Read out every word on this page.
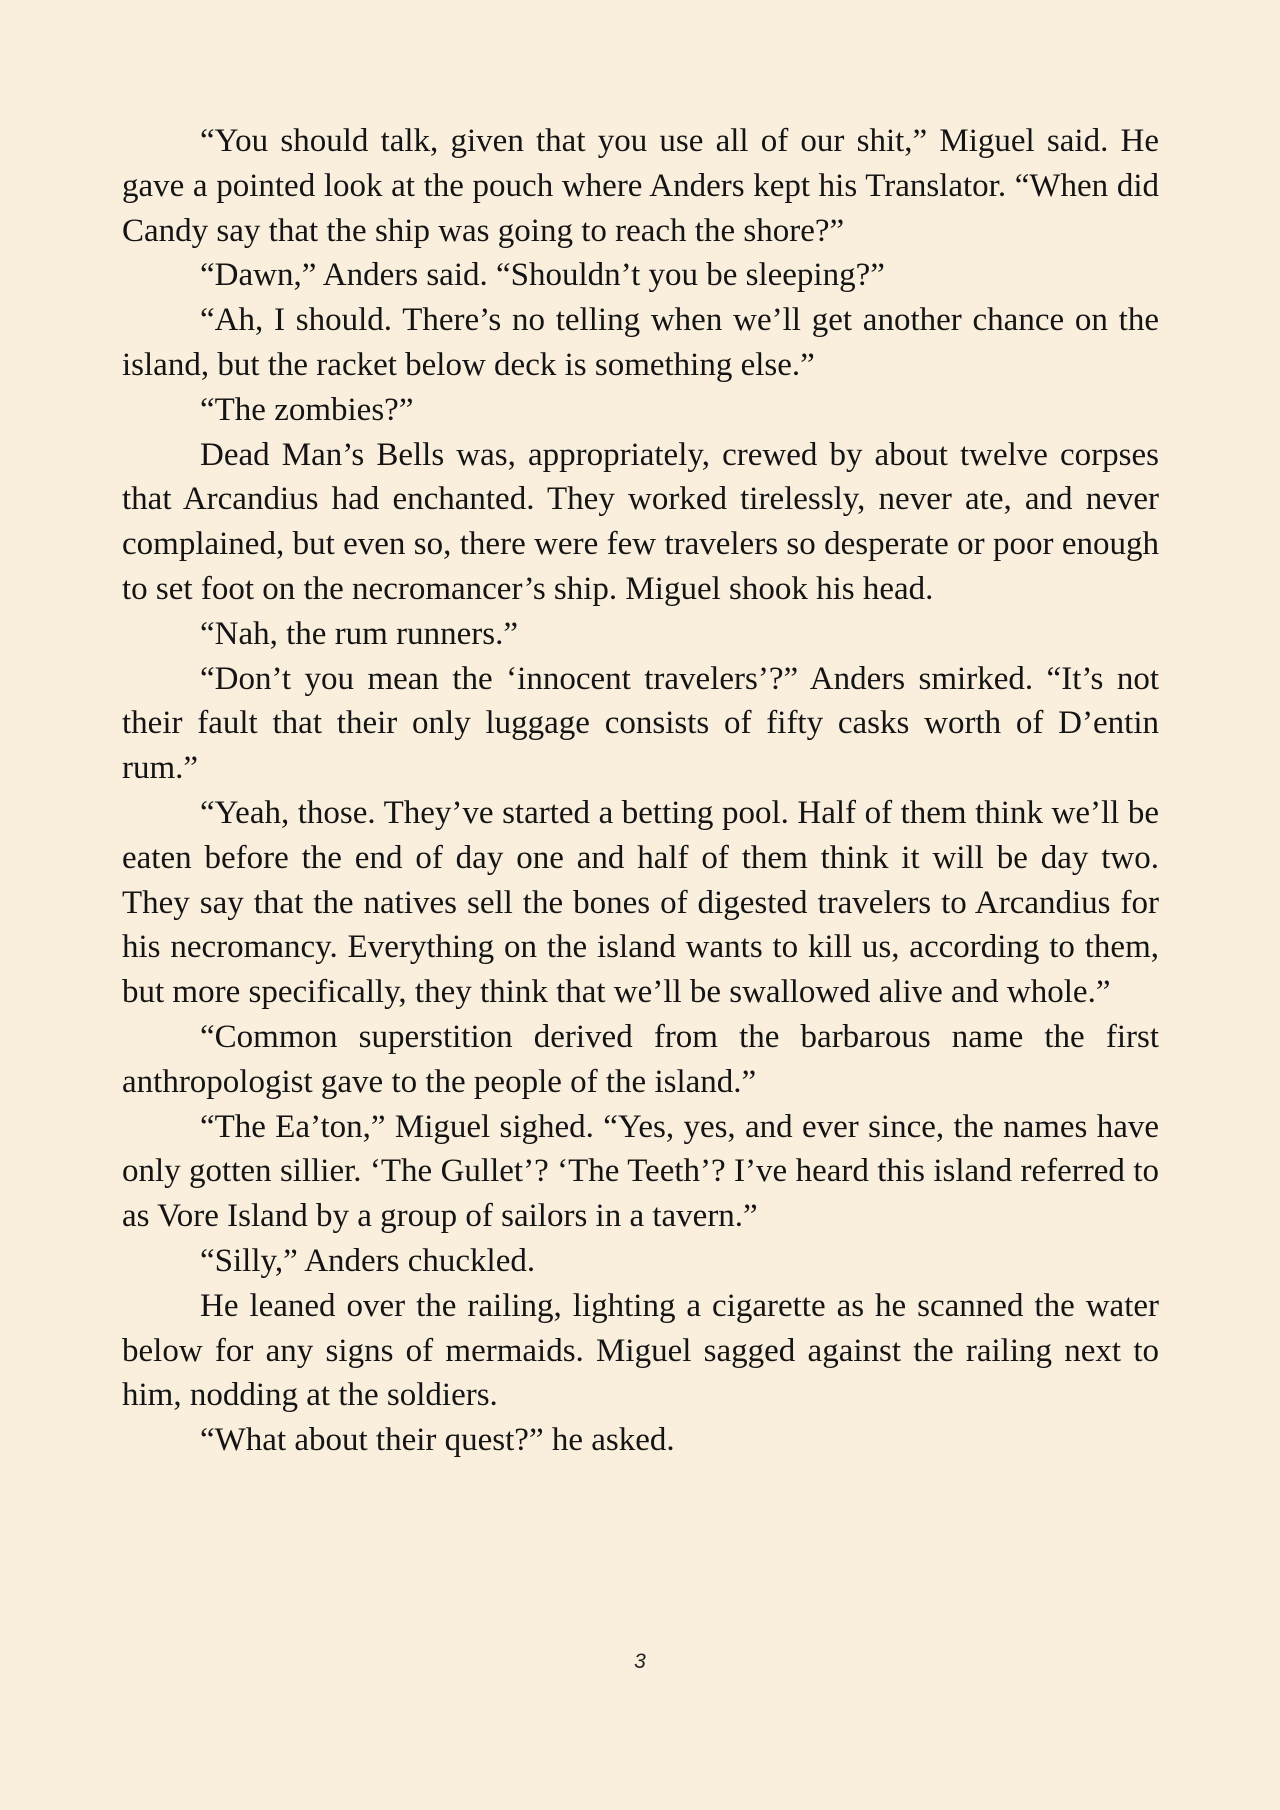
“You should talk, given that you use all of our shit,” Miguel said. He gave a pointed look at the pouch where Anders kept his Translator. “When did Candy say that the ship was going to reach the shore?”

“Dawn,” Anders said. “Shouldn’t you be sleeping?”

“Ah, I should. There’s no telling when we’ll get another chance on the island, but the racket below deck is something else.”

“The zombies?”

Dead Man’s Bells was, appropriately, crewed by about twelve corpses that Arcandius had enchanted. They worked tirelessly, never ate, and never complained, but even so, there were few travelers so desperate or poor enough to set foot on the necromancer’s ship. Miguel shook his head.

“Nah, the rum runners.”

“Don’t you mean the ‘innocent travelers’?” Anders smirked. “It’s not their fault that their only luggage consists of fifty casks worth of D’entin rum.”

“Yeah, those. They’ve started a betting pool. Half of them think we’ll be eaten before the end of day one and half of them think it will be day two. They say that the natives sell the bones of digested travelers to Arcandius for his necromancy. Everything on the island wants to kill us, according to them, but more specifically, they think that we’ll be swallowed alive and whole.”

“Common superstition derived from the barbarous name the first anthropologist gave to the people of the island.”

“The Ea’ton,” Miguel sighed. “Yes, yes, and ever since, the names have only gotten sillier. ‘The Gullet’? ‘The Teeth’? I’ve heard this island referred to as Vore Island by a group of sailors in a tavern.”

“Silly,” Anders chuckled.

He leaned over the railing, lighting a cigarette as he scanned the water below for any signs of mermaids. Miguel sagged against the railing next to him, nodding at the soldiers.

“What about their quest?” he asked.

3
